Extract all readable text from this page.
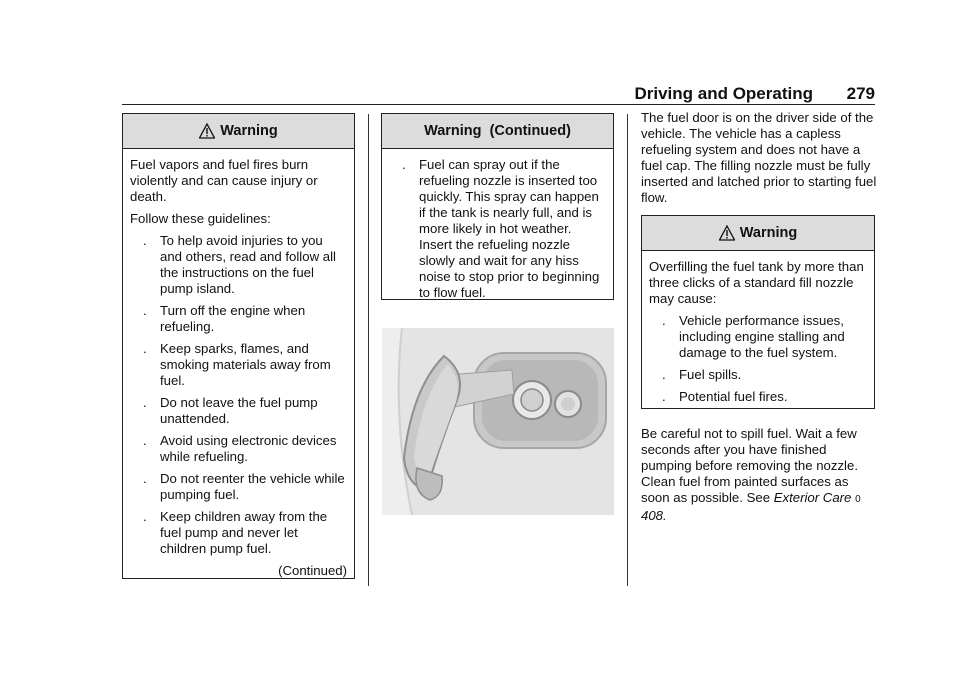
Driving and Operating 279
Warning

Fuel vapors and fuel fires burn violently and can cause injury or death.

Follow these guidelines:

. To help avoid injuries to you and others, read and follow all the instructions on the fuel pump island.
. Turn off the engine when refueling.
. Keep sparks, flames, and smoking materials away from fuel.
. Do not leave the fuel pump unattended.
. Avoid using electronic devices while refueling.
. Do not reenter the vehicle while pumping fuel.
. Keep children away from the fuel pump and never let children pump fuel.
(Continued)
Warning  (Continued)
. Fuel can spray out if the refueling nozzle is inserted too quickly. This spray can happen if the tank is nearly full, and is more likely in hot weather. Insert the refueling nozzle slowly and wait for any hiss noise to stop prior to beginning to flow fuel.

The fuel door is on the driver side of the vehicle. The vehicle has a capless refueling system and does not have a fuel cap. The filling nozzle must be fully inserted and latched prior to starting fuel flow.

Warning

Overfilling the fuel tank by more than three clicks of a standard fill nozzle may cause:

. Vehicle performance issues, including engine stalling and damage to the fuel system.
. Fuel spills.
. Potential fuel fires.

Be careful not to spill fuel. Wait a few seconds after you have finished pumping before removing the nozzle. Clean fuel from painted surfaces as soon as possible. See Exterior Care 0 408.
